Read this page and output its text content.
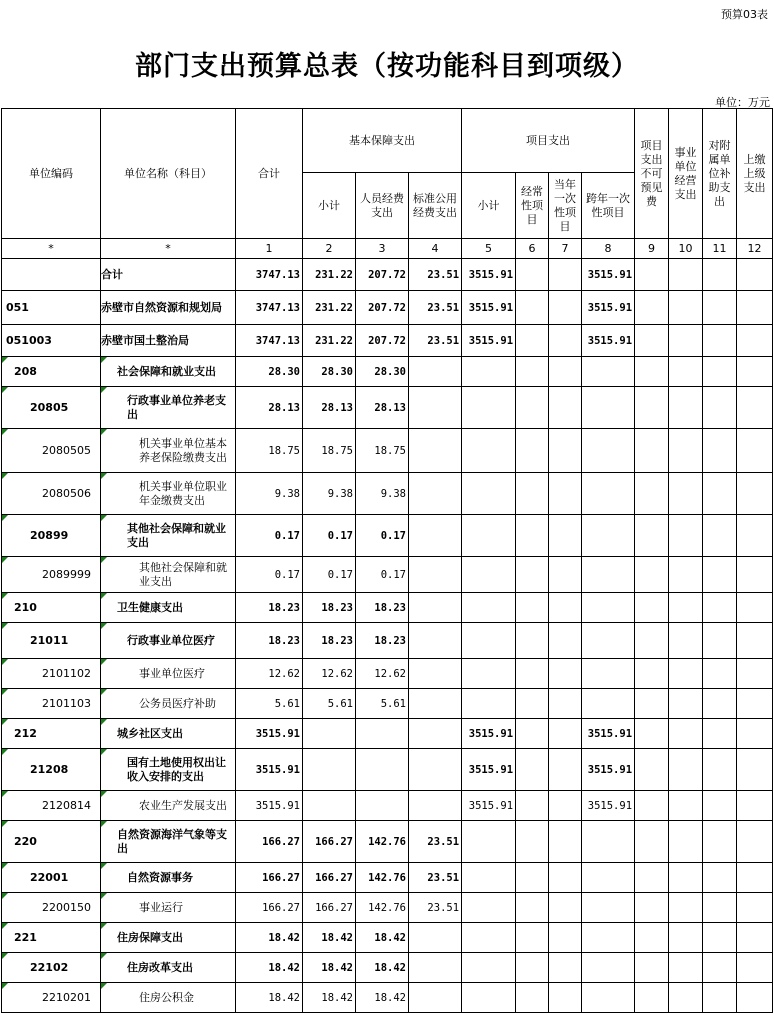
预算03表
部门支出预算总表（按功能科目到项级）
单位：万元
单位编码	单位名称（科目）	合计	基本保障支出			项目支出				项目支出不可预见费	事业单位经营支出	对附属单位补助支出	上缴上级支出
			小计	人员经费支出	标准公用经费支出	小计	经常性项目	当年一次性项目	跨年一次性项目				
*	*	1	2	3	4	5	6	7	8	9	10	11	12
	合计	3747.13	231.22	207.72	23.51	3515.91			3515.91				
051	赤壁市自然资源和规划局	3747.13	231.22	207.72	23.51	3515.91			3515.91				
051003	赤壁市国土整治局	3747.13	231.22	207.72	23.51	3515.91			3515.91				
208	社会保障和就业支出	28.30	28.30	28.30									
20805	行政事业单位养老支出	28.13	28.13	28.13									
2080505	机关事业单位基本养老保险缴费支出	18.75	18.75	18.75									
2080506	机关事业单位职业年金缴费支出	9.38	9.38	9.38									
20899	其他社会保障和就业支出	0.17	0.17	0.17									
2089999	其他社会保障和就业支出	0.17	0.17	0.17									
210	卫生健康支出	18.23	18.23	18.23									
21011	行政事业单位医疗	18.23	18.23	18.23									
2101102	事业单位医疗	12.62	12.62	12.62									
2101103	公务员医疗补助	5.61	5.61	5.61									
212	城乡社区支出	3515.91				3515.91			3515.91				
21208	国有土地使用权出让收入安排的支出	3515.91				3515.91			3515.91				
2120814	农业生产发展支出	3515.91				3515.91			3515.91				
220	自然资源海洋气象等支出	166.27	166.27	142.76	23.51								
22001	自然资源事务	166.27	166.27	142.76	23.51								
2200150	事业运行	166.27	166.27	142.76	23.51								
221	住房保障支出	18.42	18.42	18.42									
22102	住房改革支出	18.42	18.42	18.42									
2210201	住房公积金	18.42	18.42	18.42									
